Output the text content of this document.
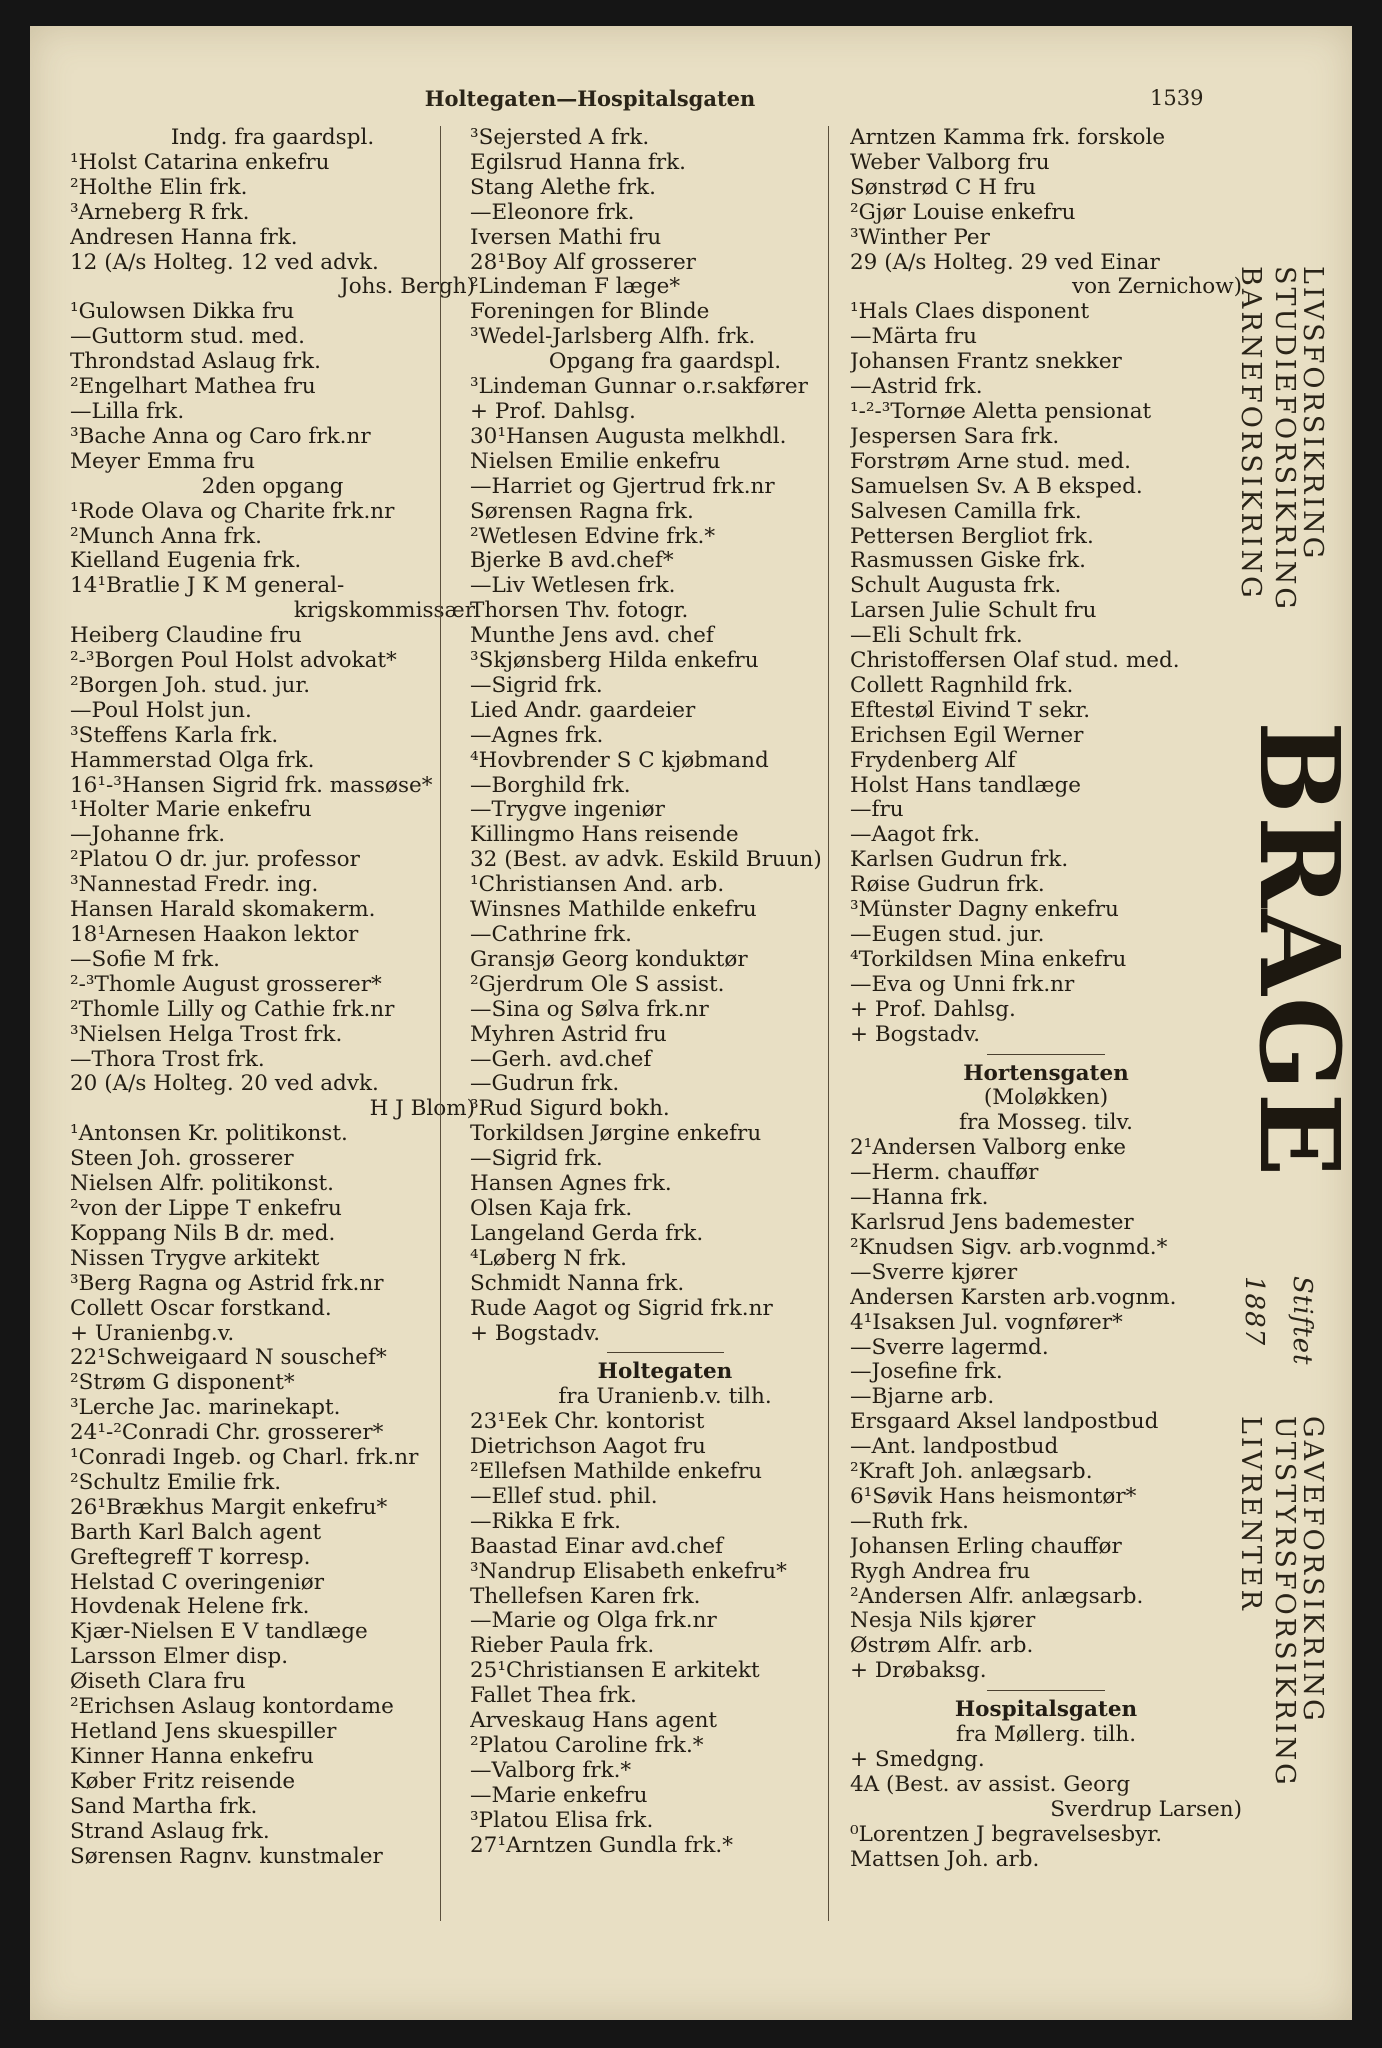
Holtegaten—Hospitalsgaten	1539
Indg. fra gaardspl.
¹Holst Catarina enkefru
²Holthe Elin frk.
³Arneberg R frk.
Andresen Hanna frk.
12 (A/s Holteg. 12 ved advk.
Johs. Bergh)
¹Gulowsen Dikka fru
—Guttorm stud. med.
Throndstad Aslaug frk.
²Engelhart Mathea fru
—Lilla frk.
³Bache Anna og Caro frk.nr
Meyer Emma fru
2den opgang
¹Rode Olava og Charite frk.nr
²Munch Anna frk.
Kielland Eugenia frk.
14¹Bratlie J K M general-
krigskommissær
Heiberg Claudine fru
²-³Borgen Poul Holst advokat*
²Borgen Joh. stud. jur.
—Poul Holst jun.
³Steffens Karla frk.
Hammerstad Olga frk.
16¹-³Hansen Sigrid frk. massøse*
¹Holter Marie enkefru
—Johanne frk.
²Platou O dr. jur. professor
³Nannestad Fredr. ing.
Hansen Harald skomakerm.
18¹Arnesen Haakon lektor
—Sofie M frk.
²-³Thomle August grosserer*
²Thomle Lilly og Cathie frk.nr
³Nielsen Helga Trost frk.
—Thora Trost frk.
20 (A/s Holteg. 20 ved advk.
H J Blom)
¹Antonsen Kr. politikonst.
Steen Joh. grosserer
Nielsen Alfr. politikonst.
²von der Lippe T enkefru
Koppang Nils B dr. med.
Nissen Trygve arkitekt
³Berg Ragna og Astrid frk.nr
Collett Oscar forstkand.
+ Uranienbg.v.
22¹Schweigaard N souschef*
²Strøm G disponent*
³Lerche Jac. marinekapt.
24¹-²Conradi Chr. grosserer*
¹Conradi Ingeb. og Charl. frk.nr
²Schultz Emilie frk.
26¹Brækhus Margit enkefru*
Barth Karl Balch agent
Greftegreff T korresp.
Helstad C overingeniør
Hovdenak Helene frk.
Kjær-Nielsen E V tandlæge
Larsson Elmer disp.
Øiseth Clara fru
²Erichsen Aslaug kontordame
Hetland Jens skuespiller
Kinner Hanna enkefru
Køber Fritz reisende
Sand Martha frk.
Strand Aslaug frk.
Sørensen Ragnv. kunstmaler
³Sejersted A frk.
Egilsrud Hanna frk.
Stang Alethe frk.
—Eleonore frk.
Iversen Mathi fru
28¹Boy Alf grosserer
²Lindeman F læge*
Foreningen for Blinde
³Wedel-Jarlsberg Alfh. frk.
Opgang fra gaardspl.
³Lindeman Gunnar o.r.sakfører
+ Prof. Dahlsg.
30¹Hansen Augusta melkhdl.
Nielsen Emilie enkefru
—Harriet og Gjertrud frk.nr
Sørensen Ragna frk.
²Wetlesen Edvine frk.*
Bjerke B avd.chef*
—Liv Wetlesen frk.
Thorsen Thv. fotogr.
Munthe Jens avd. chef
³Skjønsberg Hilda enkefru
—Sigrid frk.
Lied Andr. gaardeier
—Agnes frk.
⁴Hovbrender S C kjøbmand
—Borghild frk.
—Trygve ingeniør
Killingmo Hans reisende
32 (Best. av advk. Eskild Bruun)
¹Christiansen And. arb.
Winsnes Mathilde enkefru
—Cathrine frk.
Gransjø Georg konduktør
²Gjerdrum Ole S assist.
—Sina og Sølva frk.nr
Myhren Astrid fru
—Gerh. avd.chef
—Gudrun frk.
³Rud Sigurd bokh.
Torkildsen Jørgine enkefru
—Sigrid frk.
Hansen Agnes frk.
Olsen Kaja frk.
Langeland Gerda frk.
⁴Løberg N frk.
Schmidt Nanna frk.
Rude Aagot og Sigrid frk.nr
+ Bogstadv.
Holtegaten
fra Uranienb.v. tilh.
23¹Eek Chr. kontorist
Dietrichson Aagot fru
²Ellefsen Mathilde enkefru
—Ellef stud. phil.
—Rikka E frk.
Baastad Einar avd.chef
³Nandrup Elisabeth enkefru*
Thellefsen Karen frk.
—Marie og Olga frk.nr
Rieber Paula frk.
25¹Christiansen E arkitekt
Fallet Thea frk.
Arveskaug Hans agent
²Platou Caroline frk.*
—Valborg frk.*
—Marie enkefru
³Platou Elisa frk.
27¹Arntzen Gundla frk.*
Arntzen Kamma frk. forskole
Weber Valborg fru
Sønstrød C H fru
²Gjør Louise enkefru
³Winther Per
29 (A/s Holteg. 29 ved Einar
von Zernichow)
¹Hals Claes disponent
—Märta fru
Johansen Frantz snekker
—Astrid frk.
¹-²-³Tornøe Aletta pensionat
Jespersen Sara frk.
Forstrøm Arne stud. med.
Samuelsen Sv. A B eksped.
Salvesen Camilla frk.
Pettersen Bergliot frk.
Rasmussen Giske frk.
Schult Augusta frk.
Larsen Julie Schult fru
—Eli Schult frk.
Christoffersen Olaf stud. med.
Collett Ragnhild frk.
Eftestøl Eivind T sekr.
Erichsen Egil Werner
Frydenberg Alf
Holst Hans tandlæge
—fru
—Aagot frk.
Karlsen Gudrun frk.
Røise Gudrun frk.
³Münster Dagny enkefru
—Eugen stud. jur.
⁴Torkildsen Mina enkefru
—Eva og Unni frk.nr
+ Prof. Dahlsg.
+ Bogstadv.
Hortensgaten
(Moløkken)
fra Mosseg. tilv.
2¹Andersen Valborg enke
—Herm. chauffør
—Hanna frk.
Karlsrud Jens bademester
²Knudsen Sigv. arb.vognmd.*
—Sverre kjører
Andersen Karsten arb.vognm.
4¹Isaksen Jul. vognfører*
—Sverre lagermd.
—Josefine frk.
—Bjarne arb.
Ersgaard Aksel landpostbud
—Ant. landpostbud
²Kraft Joh. anlægsarb.
6¹Søvik Hans heismontør*
—Ruth frk.
Johansen Erling chauffør
Rygh Andrea fru
²Andersen Alfr. anlægsarb.
Nesja Nils kjører
Østrøm Alfr. arb.
+ Drøbaksg.
Hospitalsgaten
fra Møllerg. tilh.
+ Smedgng.
4A (Best. av assist. Georg
Sverdrup Larsen)
⁰Lorentzen J begravelsesbyr.
Mattsen Joh. arb.
LIVSFORSIKRING
STUDIEFORSIKRING
BARNEFORSIKRING
BRAGE
Stiftet
1887
GAVEFORSIKRING
UTSTYRSFORSIKRING
LIVRENTER
